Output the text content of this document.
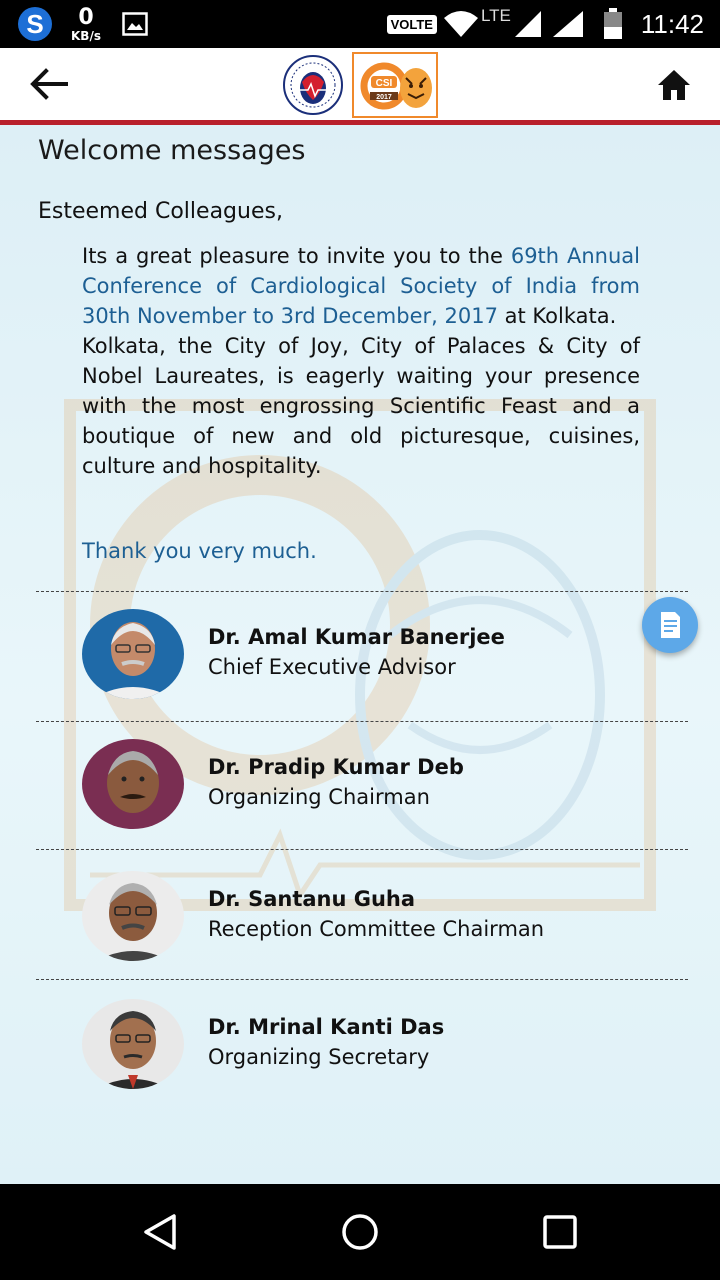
S	0
KB/s
VOLTE	LTE	11:42
CSI
2017
Welcome messages
Esteemed Colleagues,

Its a great pleasure to invite you to the 69th Annual Conference of Cardiological Society of India from 30th November to 3rd December, 2017 at Kolkata.

Kolkata, the City of Joy, City of Palaces & City of Nobel Laureates, is eagerly waiting your presence with the most engrossing Scientific Feast and a boutique of new and old picturesque, cuisines, culture and hospitality.

Thank you very much.
Dr. Amal Kumar Banerjee
Chief Executive Advisor
Dr. Pradip Kumar Deb
Organizing Chairman
Dr. Santanu Guha
Reception Committee Chairman
Dr. Mrinal Kanti Das
Organizing Secretary
